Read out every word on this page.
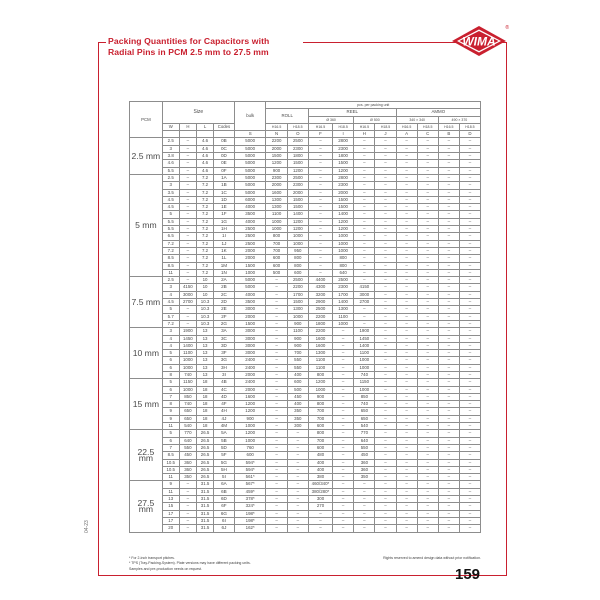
Packing Quantities for Capacitors with
Radial Pins in PCM 2.5 mm to 27.5 mm
WIMA
®
PCM	Size				bulk	pcs. per packing unit									
						ROLL		REEL				AMMO			
								Ø 360		Ø 500		340 × 340		490 × 370	
	W	H	L	Codes		H16.5	H18.5	H16.5	H18.5	H16.5	H18.5	H16.5	H18.5	H16.5	H18.5
					S	N	O	F	I	H	J	A	C	B	D
2.5 mm	2.5	–	4.6	0B	5000	2200	2500	–	2800	–	–	–	–	–	–
	3	–	4.6	0C	5000	2000	2300	–	2300	–	–	–	–	–	–
	3.8	–	4.6	0D	5000	1500	1800	–	1800	–	–	–	–	–	–
	4.6	–	4.6	0E	5000	1200	1500	–	1500	–	–	–	–	–	–
	5.5	–	4.6	0F	5000	900	1200	–	1200	–	–	–	–	–	–
5 mm	2.5	–	7.2	1A	5000	2300	2500	–	2800	–	–	–	–	–	–
	3	–	7.2	1B	5000	2000	2300	–	2300	–	–	–	–	–	–
	3.5	–	7.2	1C	5000	1600	2000	–	2000	–	–	–	–	–	–
	4.5	–	7.2	1D	6000	1300	1500	–	1500	–	–	–	–	–	–
	4.5	–	7.2	1E	4000	1300	1500	–	1500	–	–	–	–	–	–
	5	–	7.2	1F	3500	1100	1400	–	1400	–	–	–	–	–	–
	5.5	–	7.2	1G	4000	1000	1200	–	1200	–	–	–	–	–	–
	5.5	–	7.2	1H	2500	1000	1200	–	1200	–	–	–	–	–	–
	6.5	–	7.2	1I	2500	800	1000	–	1000	–	–	–	–	–	–
	7.2	–	7.2	1J	2500	700	1000	–	1000	–	–	–	–	–	–
	7.2	–	7.2	1K	2000	700	950	–	1000	–	–	–	–	–	–
	8.5	–	7.2	1L	2000	600	800	–	800	–	–	–	–	–	–
	8.5	–	7.2	1M	1500	600	800	–	800	–	–	–	–	–	–
	11	–	7.2	1N	1000	500	600	–	640	–	–	–	–	–	–
7.5 mm	2.5	–	10	2A	5000	–	2500	4400	2500	–	–	–	–	–	–
	3	4150	10	2B	5000	–	2200	4300	2300	4150	–	–	–	–	–
	4	3000	10	2C	4000	–	1700	3200	1700	3000	–	–	–	–	–
	4.5	2700	10.3	2D	3500	–	1500	2900	1400	2700	–	–	–	–	–
	5	–	10.3	2E	3000	–	1300	2500	1300	–	–	–	–	–	–
	5.7	–	10.3	2F	2000	–	1000	2200	1100	–	–	–	–	–	–
	7.2	–	10.3	2G	1500	–	900	1800	1000	–	–	–	–	–	–
10 mm	3	1900	13	3A	3000	–	1100	2200	–	1900	–	–	–	–	–
	4	1450	13	3C	3000	–	900	1600	–	1450	–	–	–	–	–
	4	1400	13	3D	3000	–	900	1600	–	1400	–	–	–	–	–
	5	1100	13	3F	3000	–	700	1300	–	1100	–	–	–	–	–
	6	1000	13	3G	2400	–	550	1100	–	1000	–	–	–	–	–
	6	1000	13	3H	2400	–	550	1100	–	1000	–	–	–	–	–
	8	740	13	3I	2000	–	400	800	–	740	–	–	–	–	–
15 mm	5	1150	18	4B	2400	–	600	1200	–	1150	–	–	–	–	–
	6	1000	18	4C	2000	–	500	1000	–	1000	–	–	–	–	–
	7	850	18	4D	1600	–	450	900	–	850	–	–	–	–	–
	8	740	18	4F	1200	–	400	800	–	740	–	–	–	–	–
	9	650	18	4H	1200	–	350	700	–	650	–	–	–	–	–
	9	650	18	4J	900	–	350	700	–	650	–	–	–	–	–
	11	540	18	4M	1000	–	300	600	–	540	–	–	–	–	–
22.5 mm	5	770	26.5	5A	1200	–	–	800	–	770	–	–	–	–	–
	6	640	26.5	5B	1000	–	–	700	–	640	–	–	–	–	–
	7	550	26.5	5D	760	–	–	600	–	550	–	–	–	–	–
	8.5	450	26.5	5F	600	–	–	480	–	450	–	–	–	–	–
	10.5	360	26.5	5G	594*	–	–	400	–	360	–	–	–	–	–
	10.5	360	26.5	5H	594*	–	–	400	–	360	–	–	–	–	–
	11	350	26.5	5I	561*	–	–	380	–	350	–	–	–	–	–
27.5 mm	9	–	31.5	6A	567*	–	–	460/340*	–	–	–	–	–	–	–
	11	–	31.5	6B	459*	–	–	380/280*	–	–	–	–	–	–	–
	13	–	31.5	6D	378*	–	–	300	–	–	–	–	–	–	–
	15	–	31.5	6F	324*	–	–	270	–	–	–	–	–	–	–
	17	–	31.5	6G	198*	–	–	–	–	–	–	–	–	–	–
	17	–	31.5	6I	198*	–	–	–	–	–	–	–	–	–	–
	20	–	31.5	6J	162*	–	–	–	–	–	–	–	–	–	–
* For 2-inch transport pitches.
* TPS (Tray-Packing-System). Plate versions may have different packing units.
Samples and pre-production needs on request.
Rights reserved to amend design data without prior notification.
159
04-23
